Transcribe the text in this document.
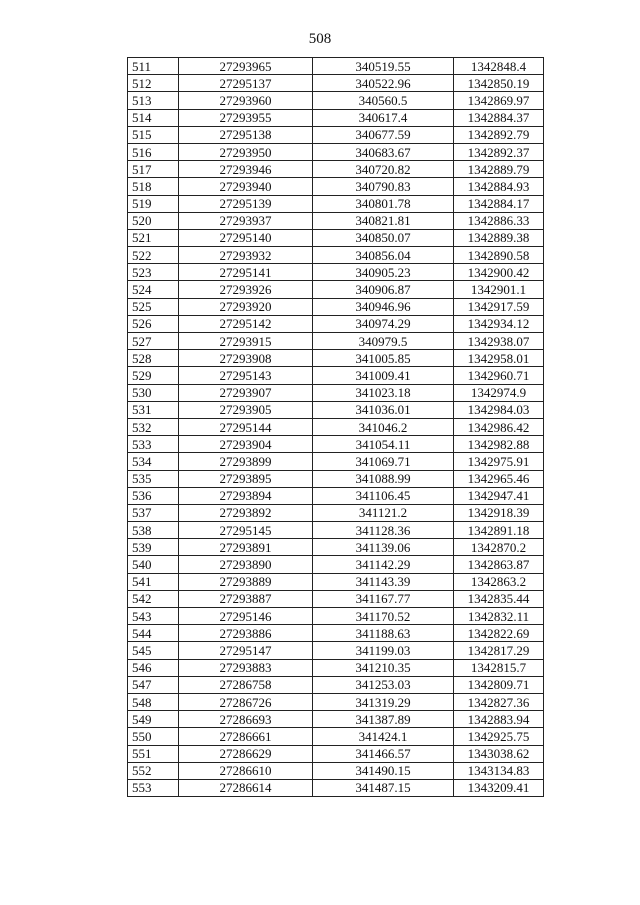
508
511	27293965	340519.55	1342848.4
512	27295137	340522.96	1342850.19
513	27293960	340560.5	1342869.97
514	27293955	340617.4	1342884.37
515	27295138	340677.59	1342892.79
516	27293950	340683.67	1342892.37
517	27293946	340720.82	1342889.79
518	27293940	340790.83	1342884.93
519	27295139	340801.78	1342884.17
520	27293937	340821.81	1342886.33
521	27295140	340850.07	1342889.38
522	27293932	340856.04	1342890.58
523	27295141	340905.23	1342900.42
524	27293926	340906.87	1342901.1
525	27293920	340946.96	1342917.59
526	27295142	340974.29	1342934.12
527	27293915	340979.5	1342938.07
528	27293908	341005.85	1342958.01
529	27295143	341009.41	1342960.71
530	27293907	341023.18	1342974.9
531	27293905	341036.01	1342984.03
532	27295144	341046.2	1342986.42
533	27293904	341054.11	1342982.88
534	27293899	341069.71	1342975.91
535	27293895	341088.99	1342965.46
536	27293894	341106.45	1342947.41
537	27293892	341121.2	1342918.39
538	27295145	341128.36	1342891.18
539	27293891	341139.06	1342870.2
540	27293890	341142.29	1342863.87
541	27293889	341143.39	1342863.2
542	27293887	341167.77	1342835.44
543	27295146	341170.52	1342832.11
544	27293886	341188.63	1342822.69
545	27295147	341199.03	1342817.29
546	27293883	341210.35	1342815.7
547	27286758	341253.03	1342809.71
548	27286726	341319.29	1342827.36
549	27286693	341387.89	1342883.94
550	27286661	341424.1	1342925.75
551	27286629	341466.57	1343038.62
552	27286610	341490.15	1343134.83
553	27286614	341487.15	1343209.41
